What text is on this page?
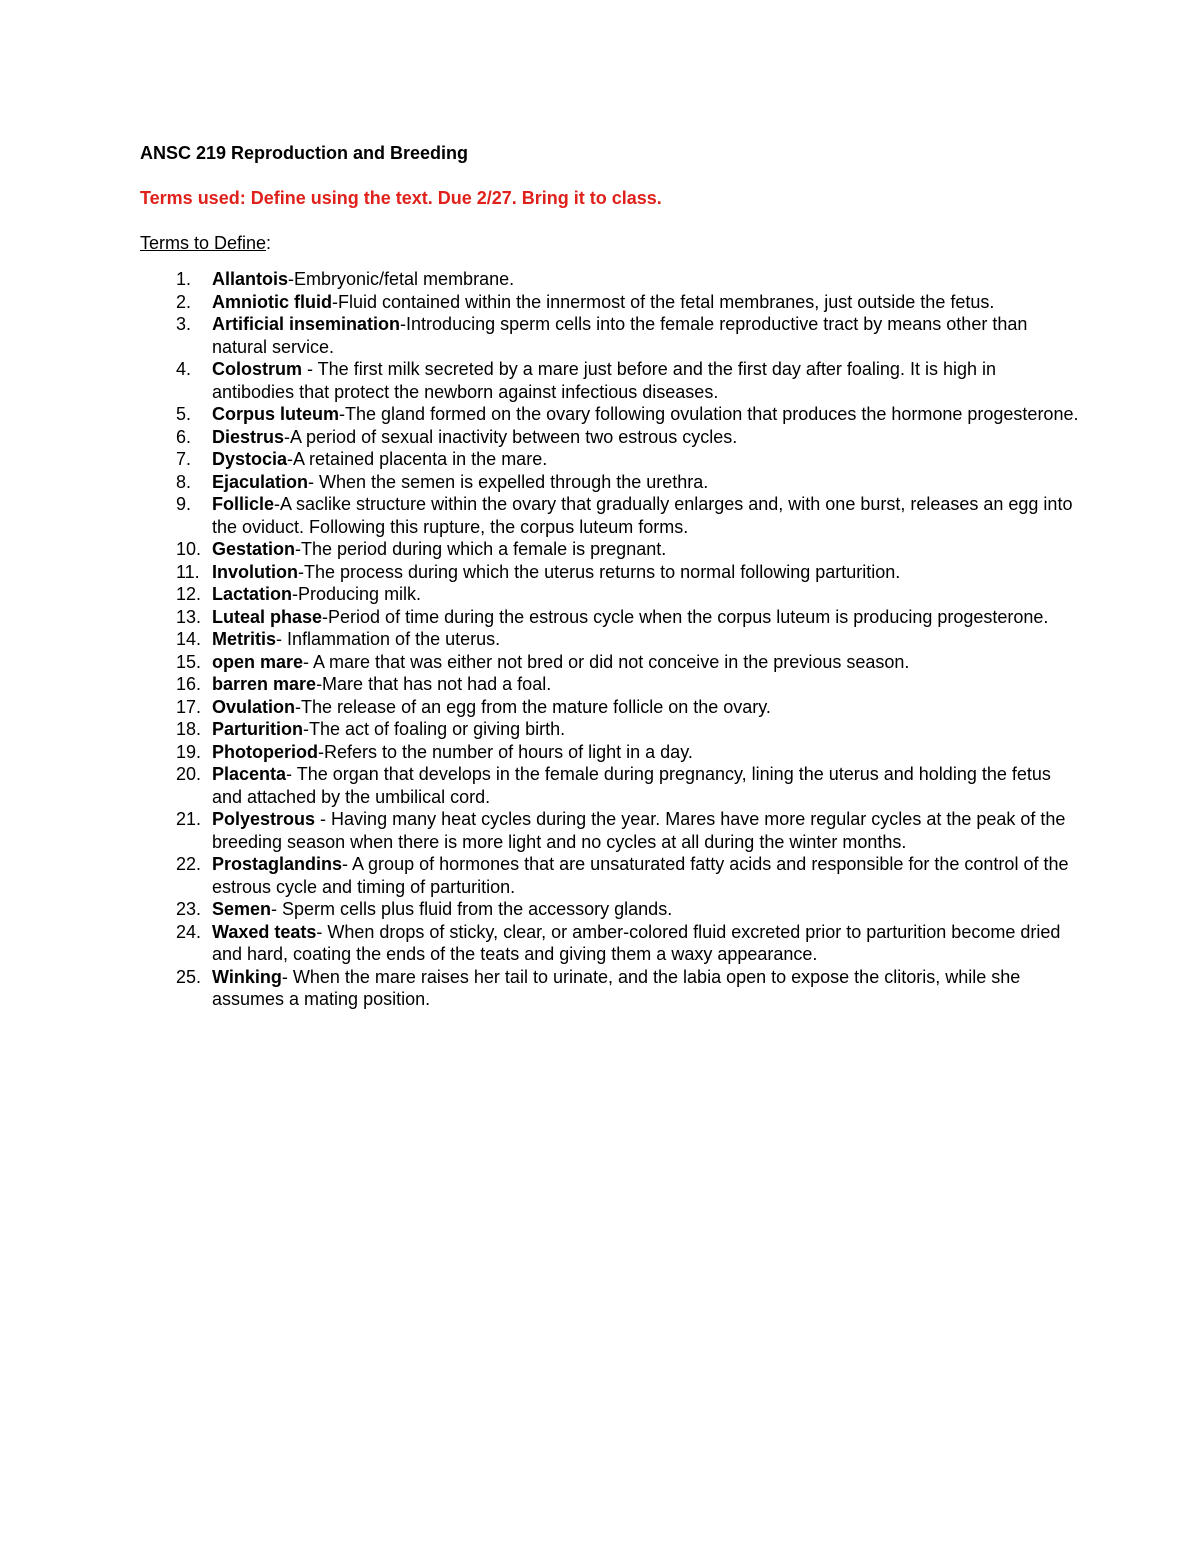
ANSC 219 Reproduction and Breeding

Terms used: Define using the text. Due 2/27. Bring it to class.

Terms to Define:

1. Allantois-Embryonic/fetal membrane.
2. Amniotic fluid-Fluid contained within the innermost of the fetal membranes, just outside the fetus.
3. Artificial insemination-Introducing sperm cells into the female reproductive tract by means other than natural service.
4. Colostrum - The first milk secreted by a mare just before and the first day after foaling. It is high in antibodies that protect the newborn against infectious diseases.
5. Corpus luteum-The gland formed on the ovary following ovulation that produces the hormone progesterone.
6. Diestrus-A period of sexual inactivity between two estrous cycles.
7. Dystocia-A retained placenta in the mare.
8. Ejaculation- When the semen is expelled through the urethra.
9. Follicle-A saclike structure within the ovary that gradually enlarges and, with one burst, releases an egg into the oviduct. Following this rupture, the corpus luteum forms.
10. Gestation-The period during which a female is pregnant.
11. Involution-The process during which the uterus returns to normal following parturition.
12. Lactation-Producing milk.
13. Luteal phase-Period of time during the estrous cycle when the corpus luteum is producing progesterone.
14. Metritis- Inflammation of the uterus.
15. open mare- A mare that was either not bred or did not conceive in the previous season.
16. barren mare-Mare that has not had a foal.
17. Ovulation-The release of an egg from the mature follicle on the ovary.
18. Parturition-The act of foaling or giving birth.
19. Photoperiod-Refers to the number of hours of light in a day.
20. Placenta- The organ that develops in the female during pregnancy, lining the uterus and holding the fetus and attached by the umbilical cord.
21. Polyestrous - Having many heat cycles during the year. Mares have more regular cycles at the peak of the breeding season when there is more light and no cycles at all during the winter months.
22. Prostaglandins- A group of hormones that are unsaturated fatty acids and responsible for the control of the estrous cycle and timing of parturition.
23. Semen- Sperm cells plus fluid from the accessory glands.
24. Waxed teats- When drops of sticky, clear, or amber-colored fluid excreted prior to parturition become dried and hard, coating the ends of the teats and giving them a waxy appearance.
25. Winking- When the mare raises her tail to urinate, and the labia open to expose the clitoris, while she assumes a mating position.
